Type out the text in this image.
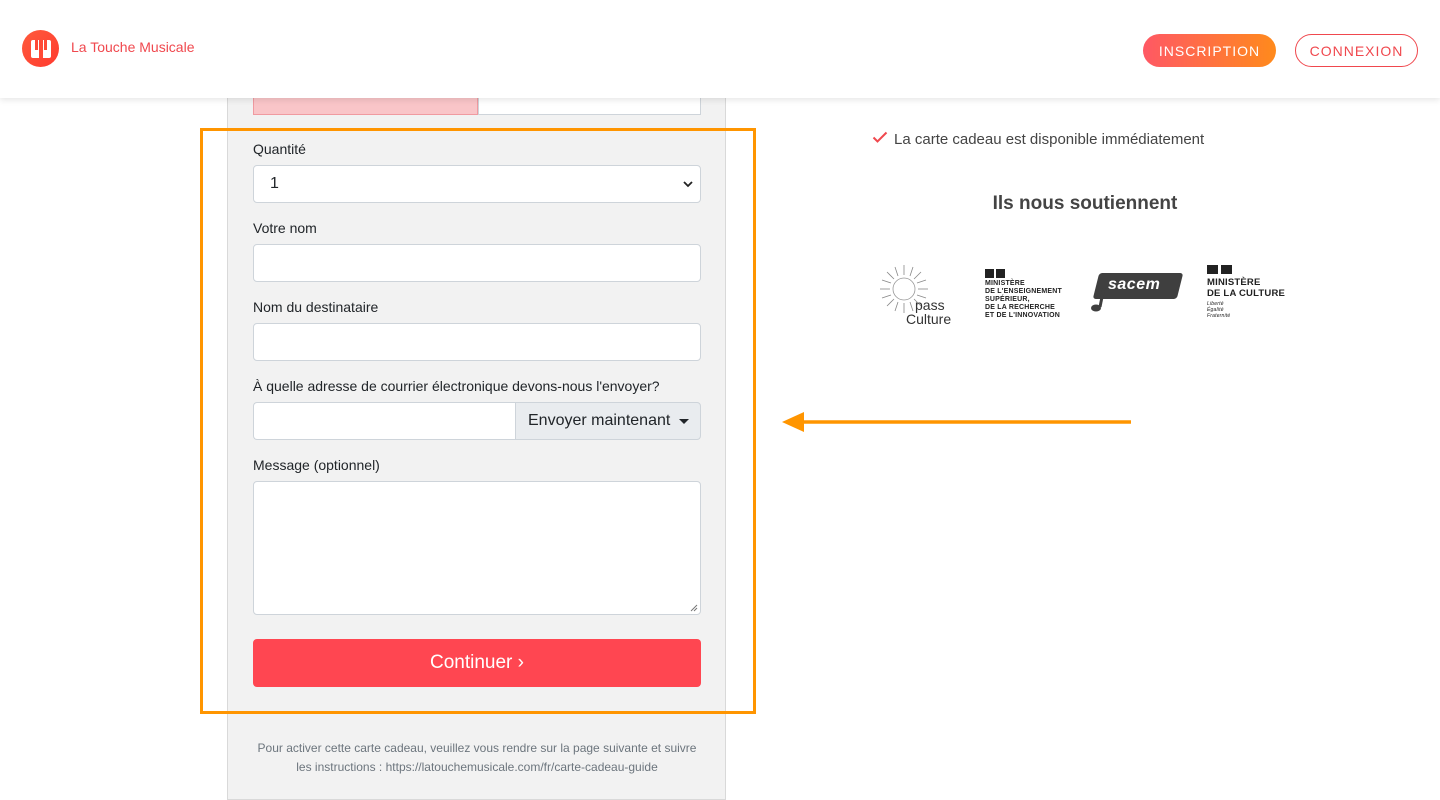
La Touche Musicale	INSCRIPTION	CONNEXION
Quantité
1
Votre nom
Nom du destinataire
À quelle adresse de courrier électronique devons-nous l'envoyer?
Envoyer maintenant
Message (optionnel)
Continuer ›
Pour activer cette carte cadeau, veuillez vous rendre sur la page suivante et suivre les instructions : https://latouchemusicale.com/fr/carte-cadeau-guide
La carte cadeau est disponible immédiatement
Ils nous soutiennent
pass
Culture
MINISTÈRE
DE L'ENSEIGNEMENT
SUPÉRIEUR,
DE LA RECHERCHE
ET DE L'INNOVATION
sacem	MINISTÈRE
DE LA CULTURE
Liberté
Égalité
Fraternité
